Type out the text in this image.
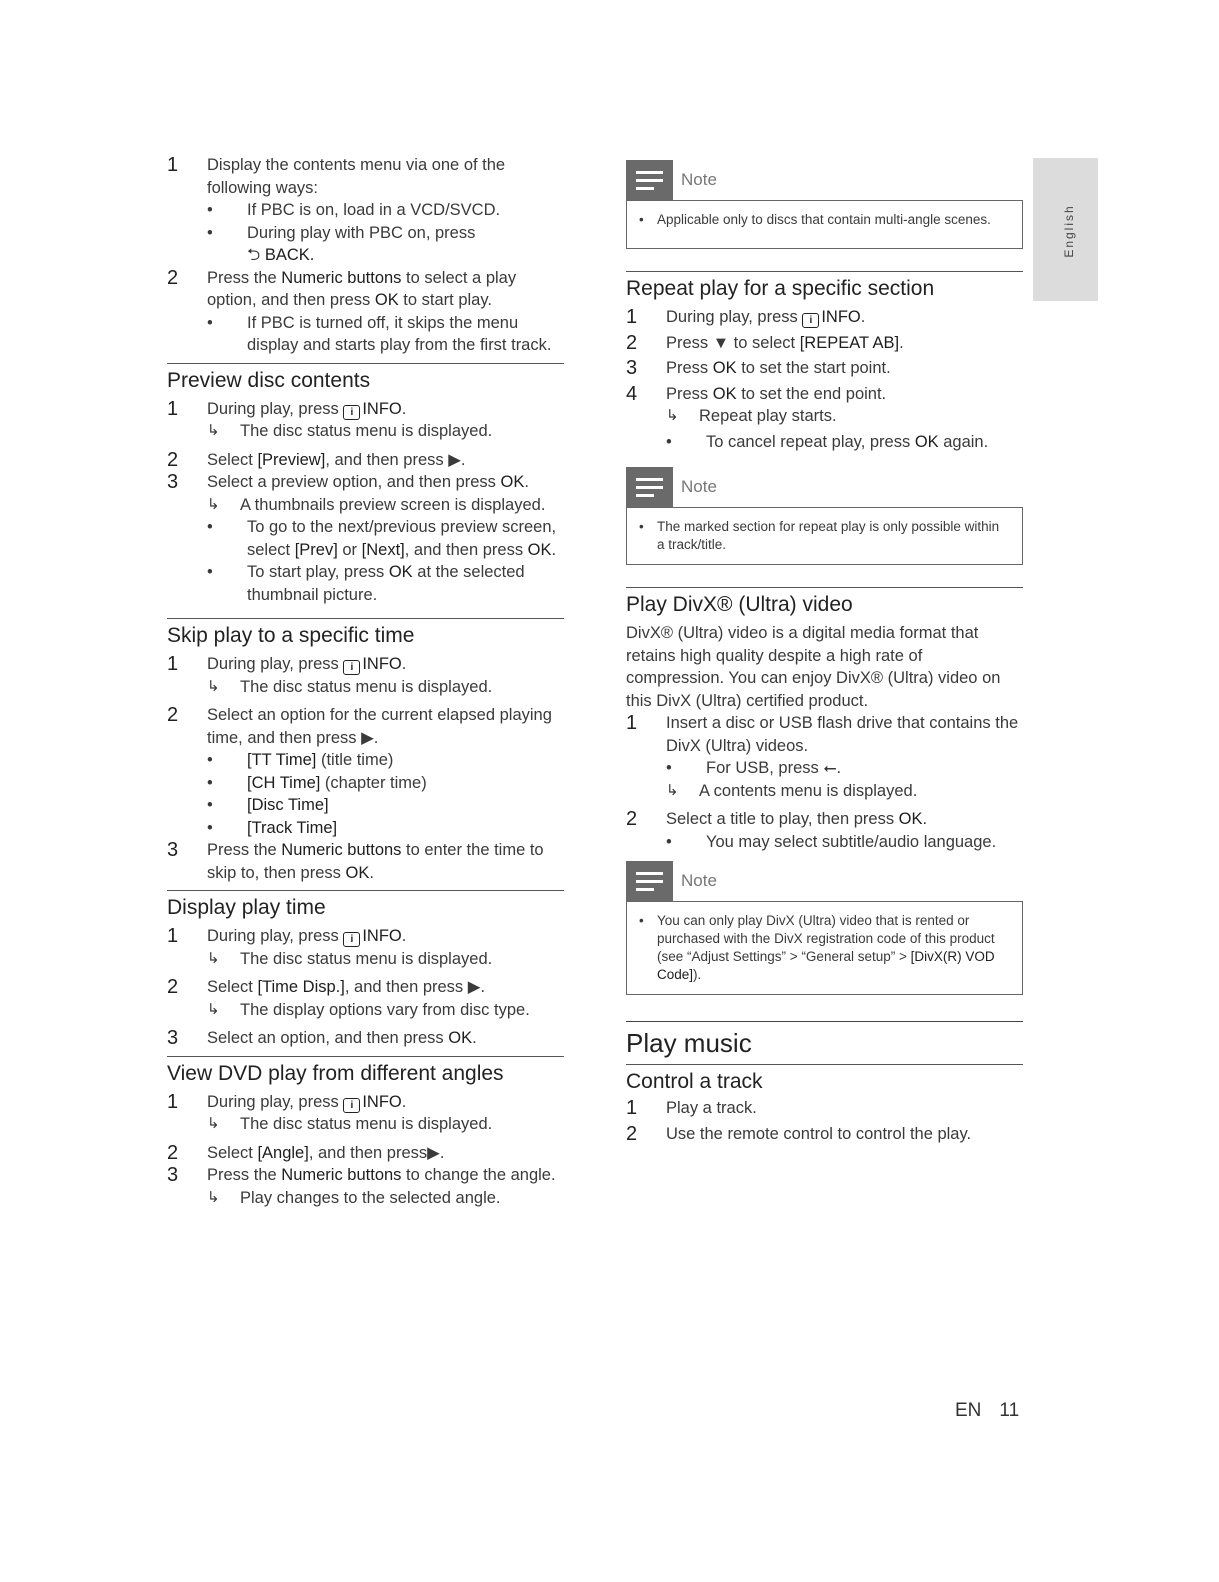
English
1	Display the contents menu via one of the following ways:
•	If PBC is on, load in a VCD/SVCD.
•	During play with PBC on, press
⮌ BACK.
2	Press the Numeric buttons to select a play option, and then press OK to start play.
•	If PBC is turned off, it skips the menu display and starts play from the first track.
Preview disc contents
1	During play, press i INFO.
↳	The disc status menu is displayed.
2	Select [Preview], and then press ▶.
3	Select a preview option, and then press OK.
↳	A thumbnails preview screen is displayed.
•	To go to the next/previous preview screen, select [Prev] or [Next], and then press OK.
•	To start play, press OK at the selected thumbnail picture.
Skip play to a specific time
1	During play, press i INFO.
↳	The disc status menu is displayed.
2	Select an option for the current elapsed playing time, and then press ▶.
•	[TT Time] (title time)
•	[CH Time] (chapter time)
•	[Disc Time]
•	[Track Time]
3	Press the Numeric buttons to enter the time to skip to, then press OK.
Display play time
1	During play, press i INFO.
↳	The disc status menu is displayed.
2	Select [Time Disp.], and then press ▶.
↳	The display options vary from disc type.
3	Select an option, and then press OK.
View DVD play from different angles
1	During play, press i INFO.
↳	The disc status menu is displayed.
2	Select [Angle], and then press▶.
3	Press the Numeric buttons to change the angle.
↳	Play changes to the selected angle.
Note
• Applicable only to discs that contain multi-angle scenes.
Repeat play for a specific section
1	During play, press i INFO.
2	Press ▼ to select [REPEAT AB].
3	Press OK to set the start point.
4	Press OK to set the end point.
↳	Repeat play starts.
•	To cancel repeat play, press OK again.
Note
• The marked section for repeat play is only possible within a track/title.
Play DivX® (Ultra) video
DivX® (Ultra) video is a digital media format that retains high quality despite a high rate of compression. You can enjoy DivX® (Ultra) video on this DivX (Ultra) certified product.
1	Insert a disc or USB flash drive that contains the DivX (Ultra) videos.
•	For USB, press ⭠.
↳	A contents menu is displayed.
2	Select a title to play, then press OK.
•	You may select subtitle/audio language.
Note
• You can only play DivX (Ultra) video that is rented or purchased with the DivX registration code of this product (see “Adjust Settings” > “General setup” > [DivX(R) VOD Code]).
Play music
Control a track
1	Play a track.
2	Use the remote control to control the play.
EN 11
